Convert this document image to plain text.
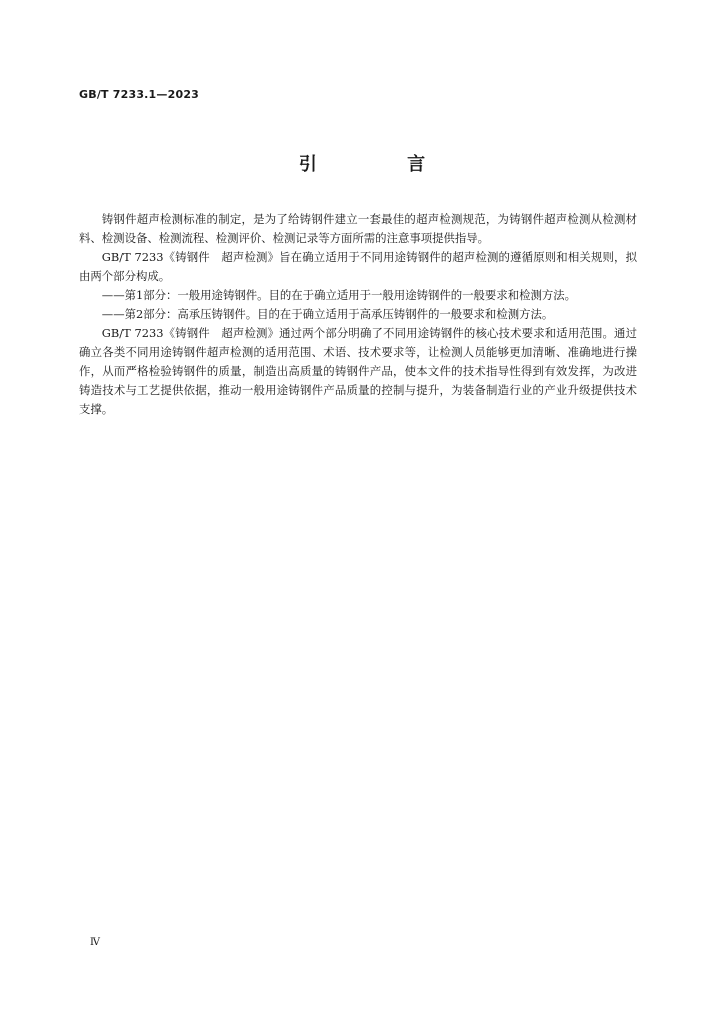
GB/T 7233.1—2023
引 言

铸钢件超声检测标准的制定，是为了给铸钢件建立一套最佳的超声检测规范，为铸钢件超声检测从检测材料、检测设备、检测流程、检测评价、检测记录等方面所需的注意事项提供指导。

GB/T 7233《铸钢件　超声检测》旨在确立适用于不同用途铸钢件的超声检测的遵循原则和相关规则，拟由两个部分构成。

——第1部分：一般用途铸钢件。目的在于确立适用于一般用途铸钢件的一般要求和检测方法。

——第2部分：高承压铸钢件。目的在于确立适用于高承压铸钢件的一般要求和检测方法。

GB/T 7233《铸钢件　超声检测》通过两个部分明确了不同用途铸钢件的核心技术要求和适用范围。通过确立各类不同用途铸钢件超声检测的适用范围、术语、技术要求等，让检测人员能够更加清晰、准确地进行操作，从而严格检验铸钢件的质量，制造出高质量的铸钢件产品，使本文件的技术指导性得到有效发挥，为改进铸造技术与工艺提供依据，推动一般用途铸钢件产品质量的控制与提升，为装备制造行业的产业升级提供技术支撑。

Ⅳ
